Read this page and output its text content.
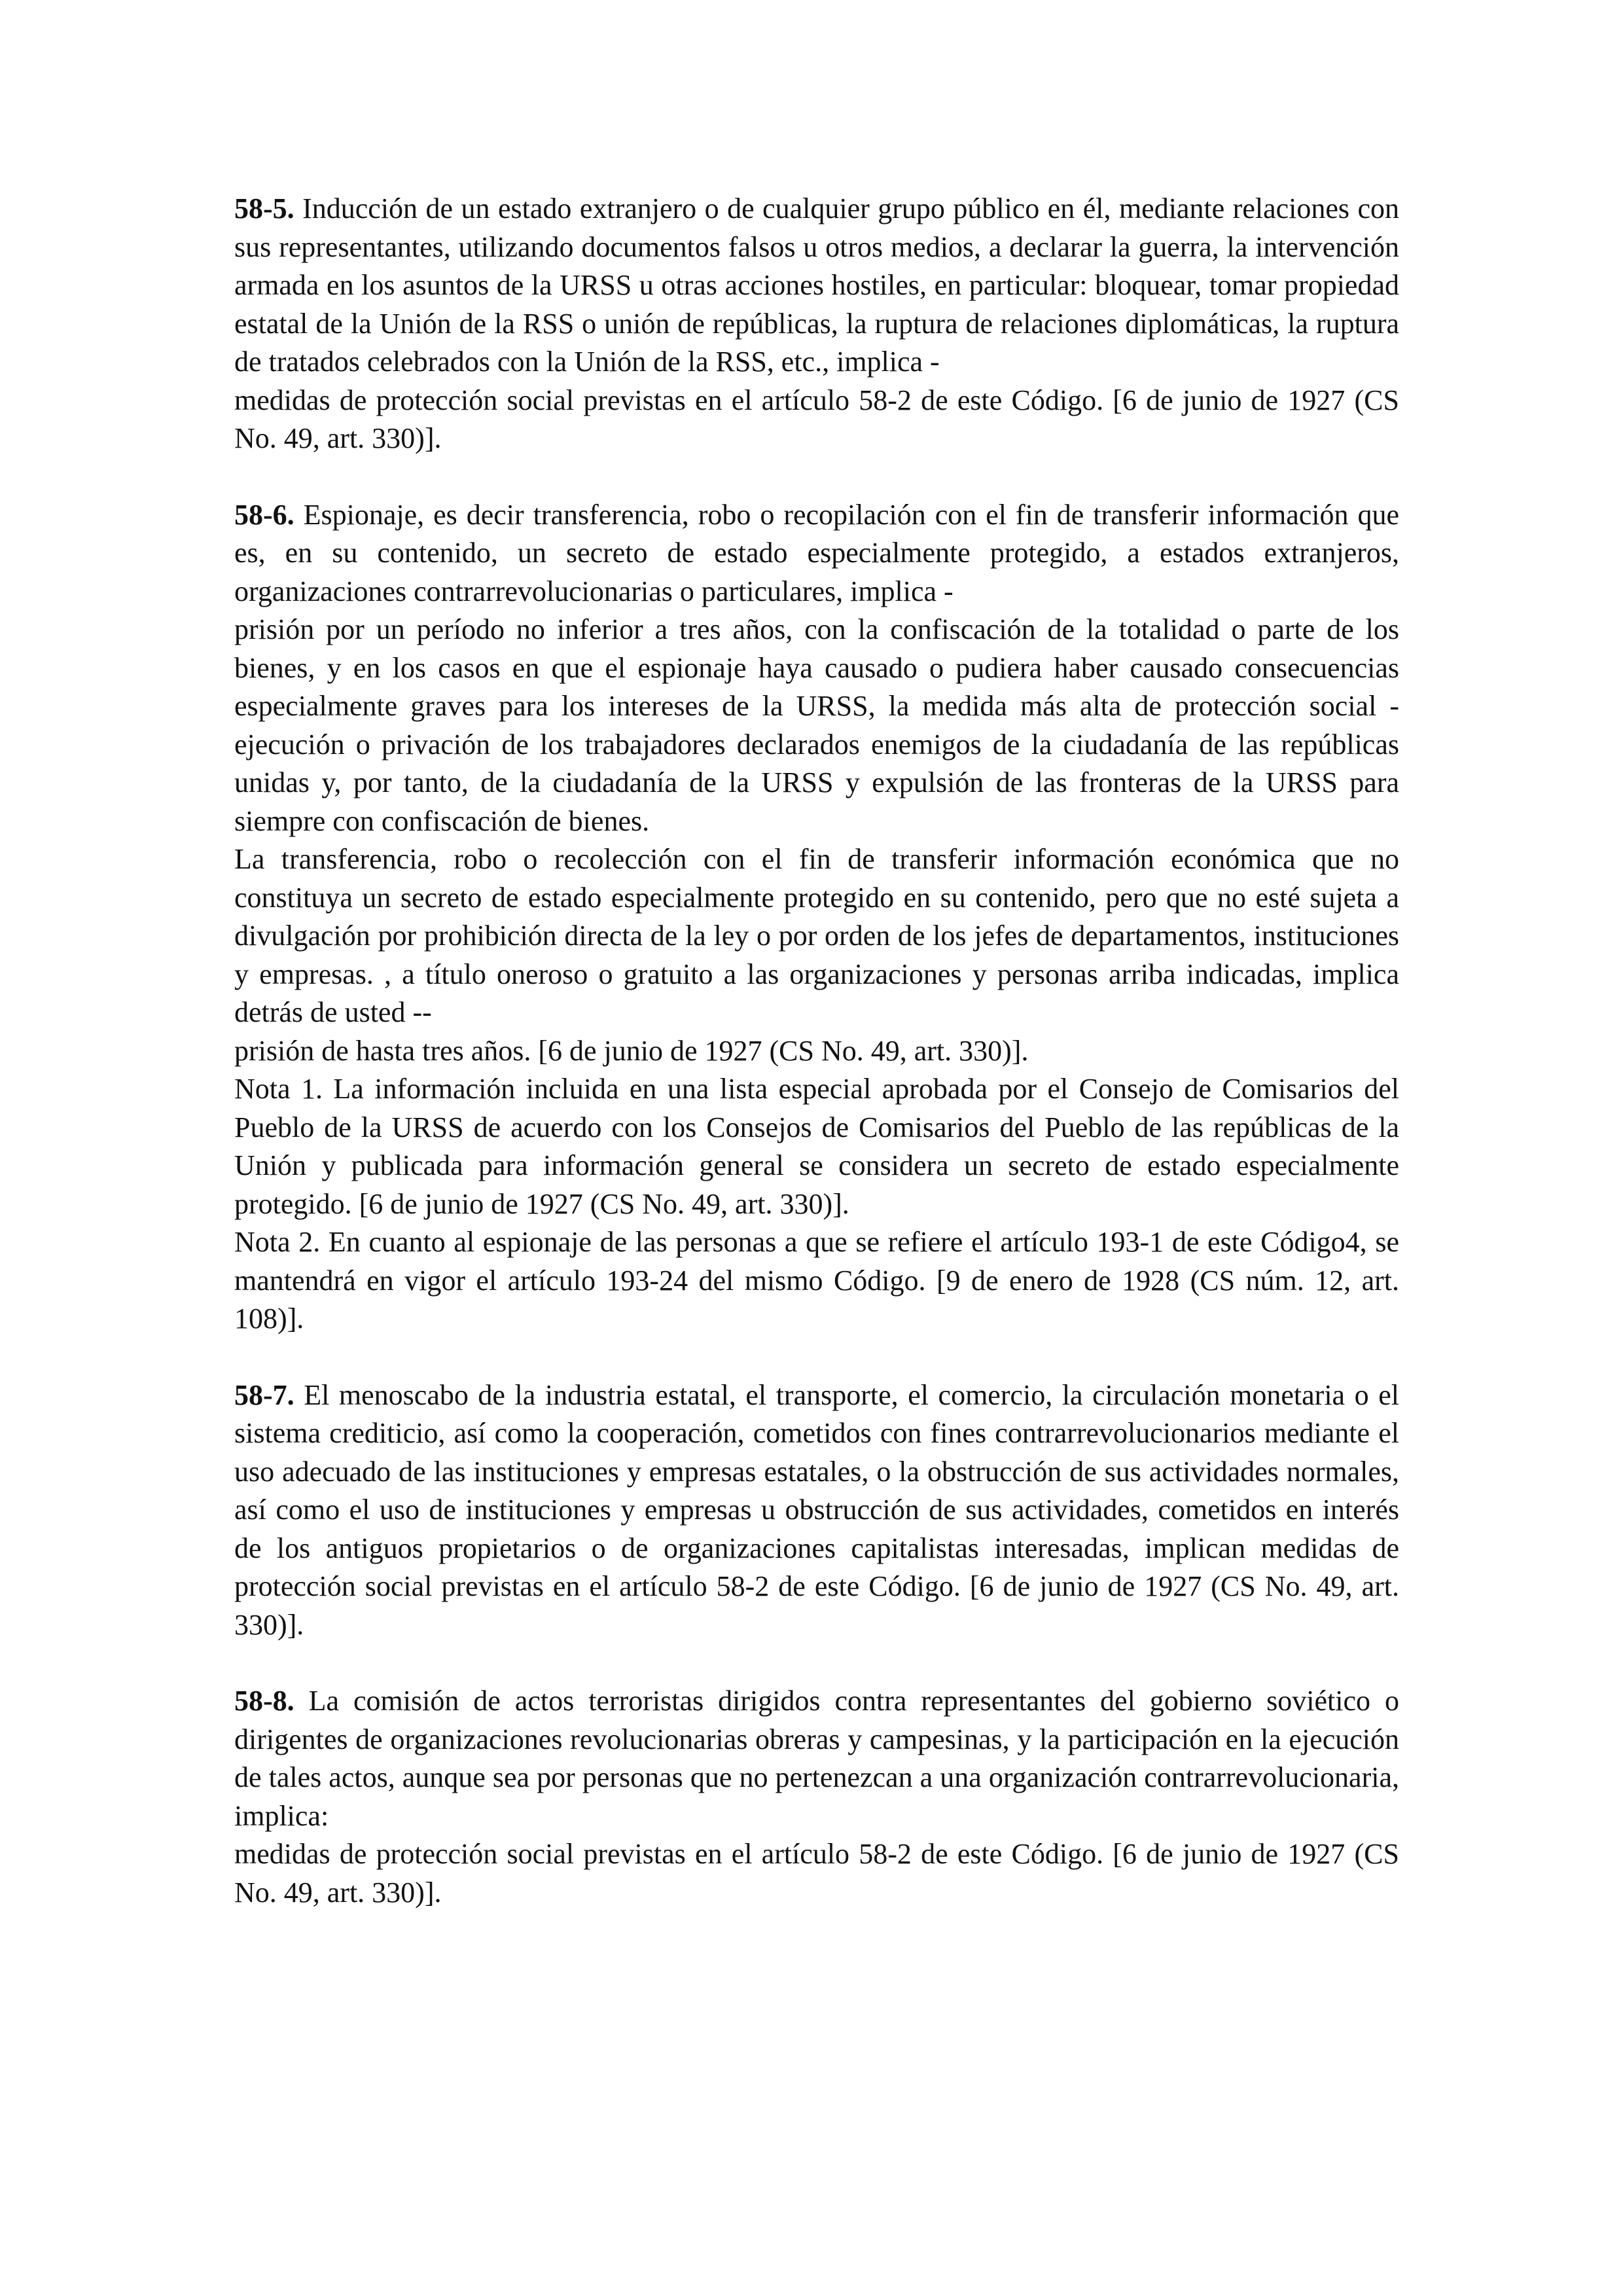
58-5. Inducción de un estado extranjero o de cualquier grupo público en él, mediante relaciones con sus representantes, utilizando documentos falsos u otros medios, a declarar la guerra, la intervención armada en los asuntos de la URSS u otras acciones hostiles, en particular: bloquear, tomar propiedad estatal de la Unión de la RSS o unión de repúblicas, la ruptura de relaciones diplomáticas, la ruptura de tratados celebrados con la Unión de la RSS, etc., implica -

medidas de protección social previstas en el artículo 58-2 de este Código. [6 de junio de 1927 (CS No. 49, art. 330)].

58-6. Espionaje, es decir transferencia, robo o recopilación con el fin de transferir información que es, en su contenido, un secreto de estado especialmente protegido, a estados extranjeros, organizaciones contrarrevolucionarias o particulares, implica -

prisión por un período no inferior a tres años, con la confiscación de la totalidad o parte de los bienes, y en los casos en que el espionaje haya causado o pudiera haber causado consecuencias especialmente graves para los intereses de la URSS, la medida más alta de protección social - ejecución o privación de los trabajadores declarados enemigos de la ciudadanía de las repúblicas unidas y, por tanto, de la ciudadanía de la URSS y expulsión de las fronteras de la URSS para siempre con confiscación de bienes.

La transferencia, robo o recolección con el fin de transferir información económica que no constituya un secreto de estado especialmente protegido en su contenido, pero que no esté sujeta a divulgación por prohibición directa de la ley o por orden de los jefes de departamentos, instituciones y empresas. , a título oneroso o gratuito a las organizaciones y personas arriba indicadas, implica detrás de usted --

prisión de hasta tres años. [6 de junio de 1927 (CS No. 49, art. 330)].

Nota 1. La información incluida en una lista especial aprobada por el Consejo de Comisarios del Pueblo de la URSS de acuerdo con los Consejos de Comisarios del Pueblo de las repúblicas de la Unión y publicada para información general se considera un secreto de estado especialmente protegido. [6 de junio de 1927 (CS No. 49, art. 330)].

Nota 2. En cuanto al espionaje de las personas a que se refiere el artículo 193-1 de este Código4, se mantendrá en vigor el artículo 193-24 del mismo Código. [9 de enero de 1928 (CS núm. 12, art. 108)].

58-7. El menoscabo de la industria estatal, el transporte, el comercio, la circulación monetaria o el sistema crediticio, así como la cooperación, cometidos con fines contrarrevolucionarios mediante el uso adecuado de las instituciones y empresas estatales, o la obstrucción de sus actividades normales, así como el uso de instituciones y empresas u obstrucción de sus actividades, cometidos en interés de los antiguos propietarios o de organizaciones capitalistas interesadas, implican medidas de protección social previstas en el artículo 58-2 de este Código. [6 de junio de 1927 (CS No. 49, art. 330)].

58-8. La comisión de actos terroristas dirigidos contra representantes del gobierno soviético o dirigentes de organizaciones revolucionarias obreras y campesinas, y la participación en la ejecución de tales actos, aunque sea por personas que no pertenezcan a una organización contrarrevolucionaria, implica:

medidas de protección social previstas en el artículo 58-2 de este Código. [6 de junio de 1927 (CS No. 49, art. 330)].
